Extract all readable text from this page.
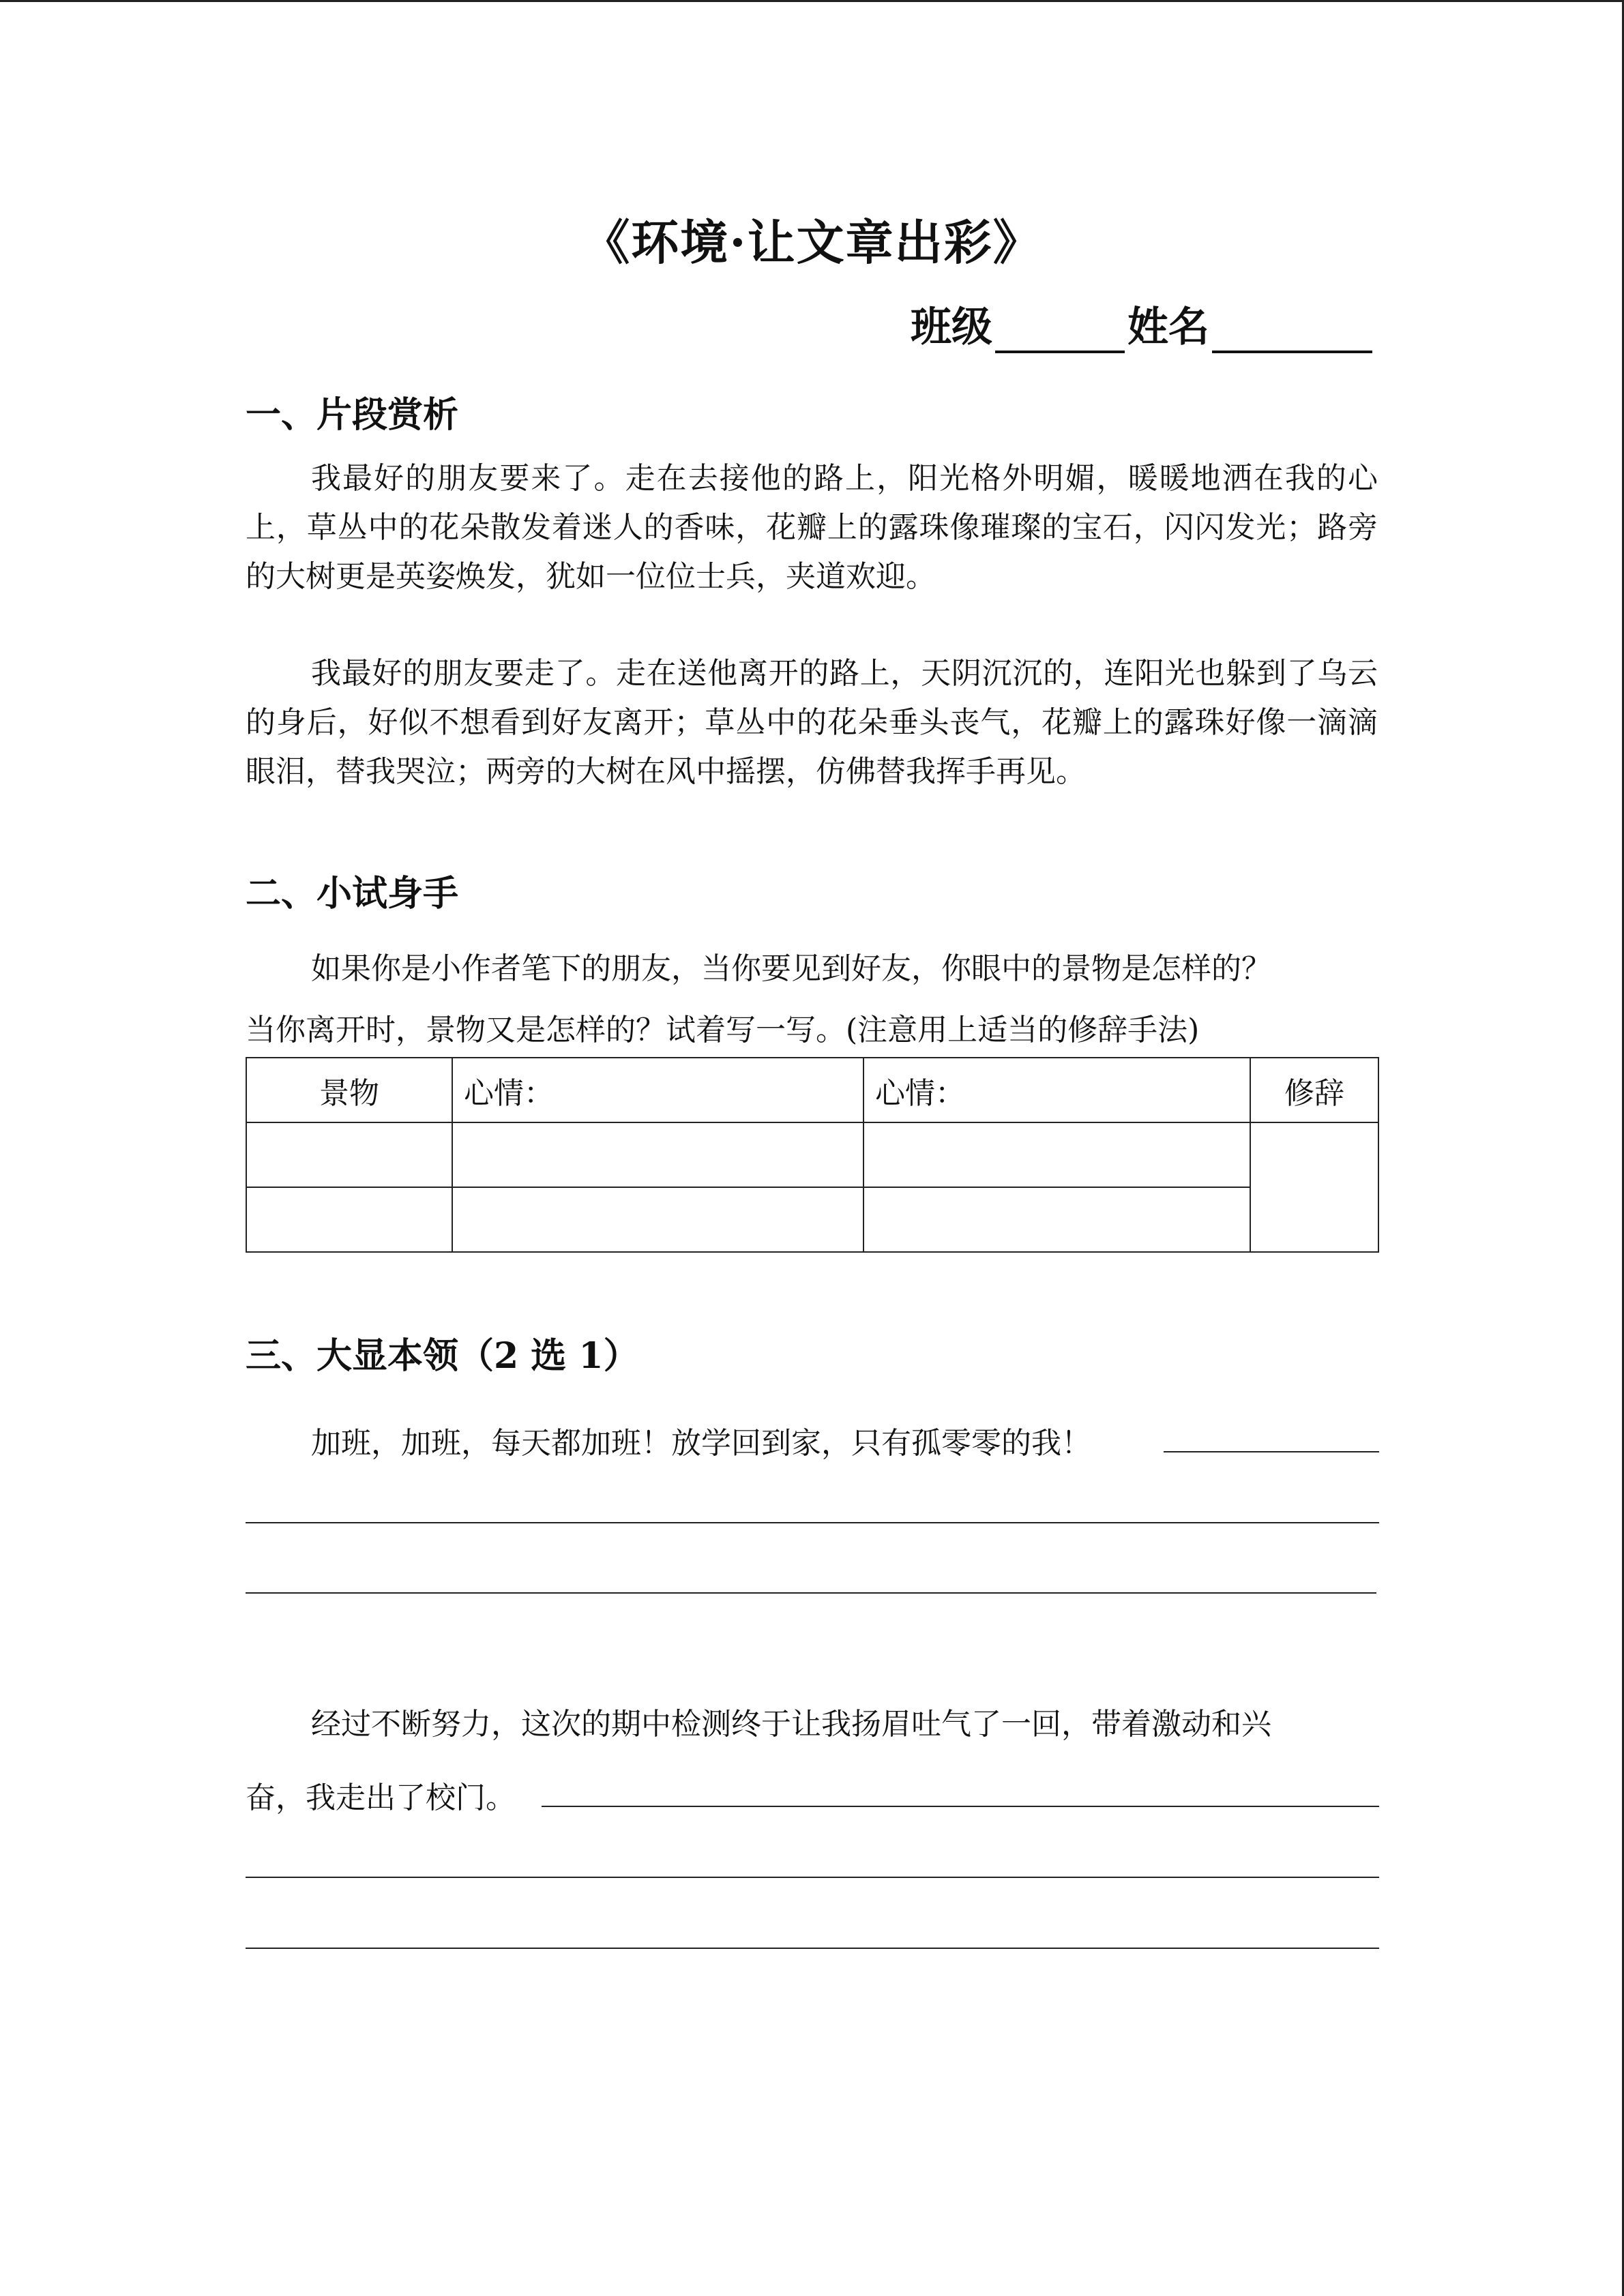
《环境·让文章出彩》
班级	姓名
一、片段赏析
我最好的朋友要来了。走在去接他的路上，阳光格外明媚，暖暖地洒在我的心上，草丛中的花朵散发着迷人的香味，花瓣上的露珠像璀璨的宝石，闪闪发光；路旁的大树更是英姿焕发，犹如一位位士兵，夹道欢迎。
我最好的朋友要走了。走在送他离开的路上，天阴沉沉的，连阳光也躲到了乌云的身后，好似不想看到好友离开；草丛中的花朵垂头丧气，花瓣上的露珠好像一滴滴眼泪，替我哭泣；两旁的大树在风中摇摆，仿佛替我挥手再见。
二、小试身手
如果你是小作者笔下的朋友，当你要见到好友，你眼中的景物是怎样的？
当你离开时，景物又是怎样的？试着写一写。(注意用上适当的修辞手法)
景物	心情：	心情：	修辞

三、大显本领（2 选 1）
加班，加班，每天都加班！放学回到家，只有孤零零的我！
经过不断努力，这次的期中检测终于让我扬眉吐气了一回，带着激动和兴
奋，我走出了校门。
